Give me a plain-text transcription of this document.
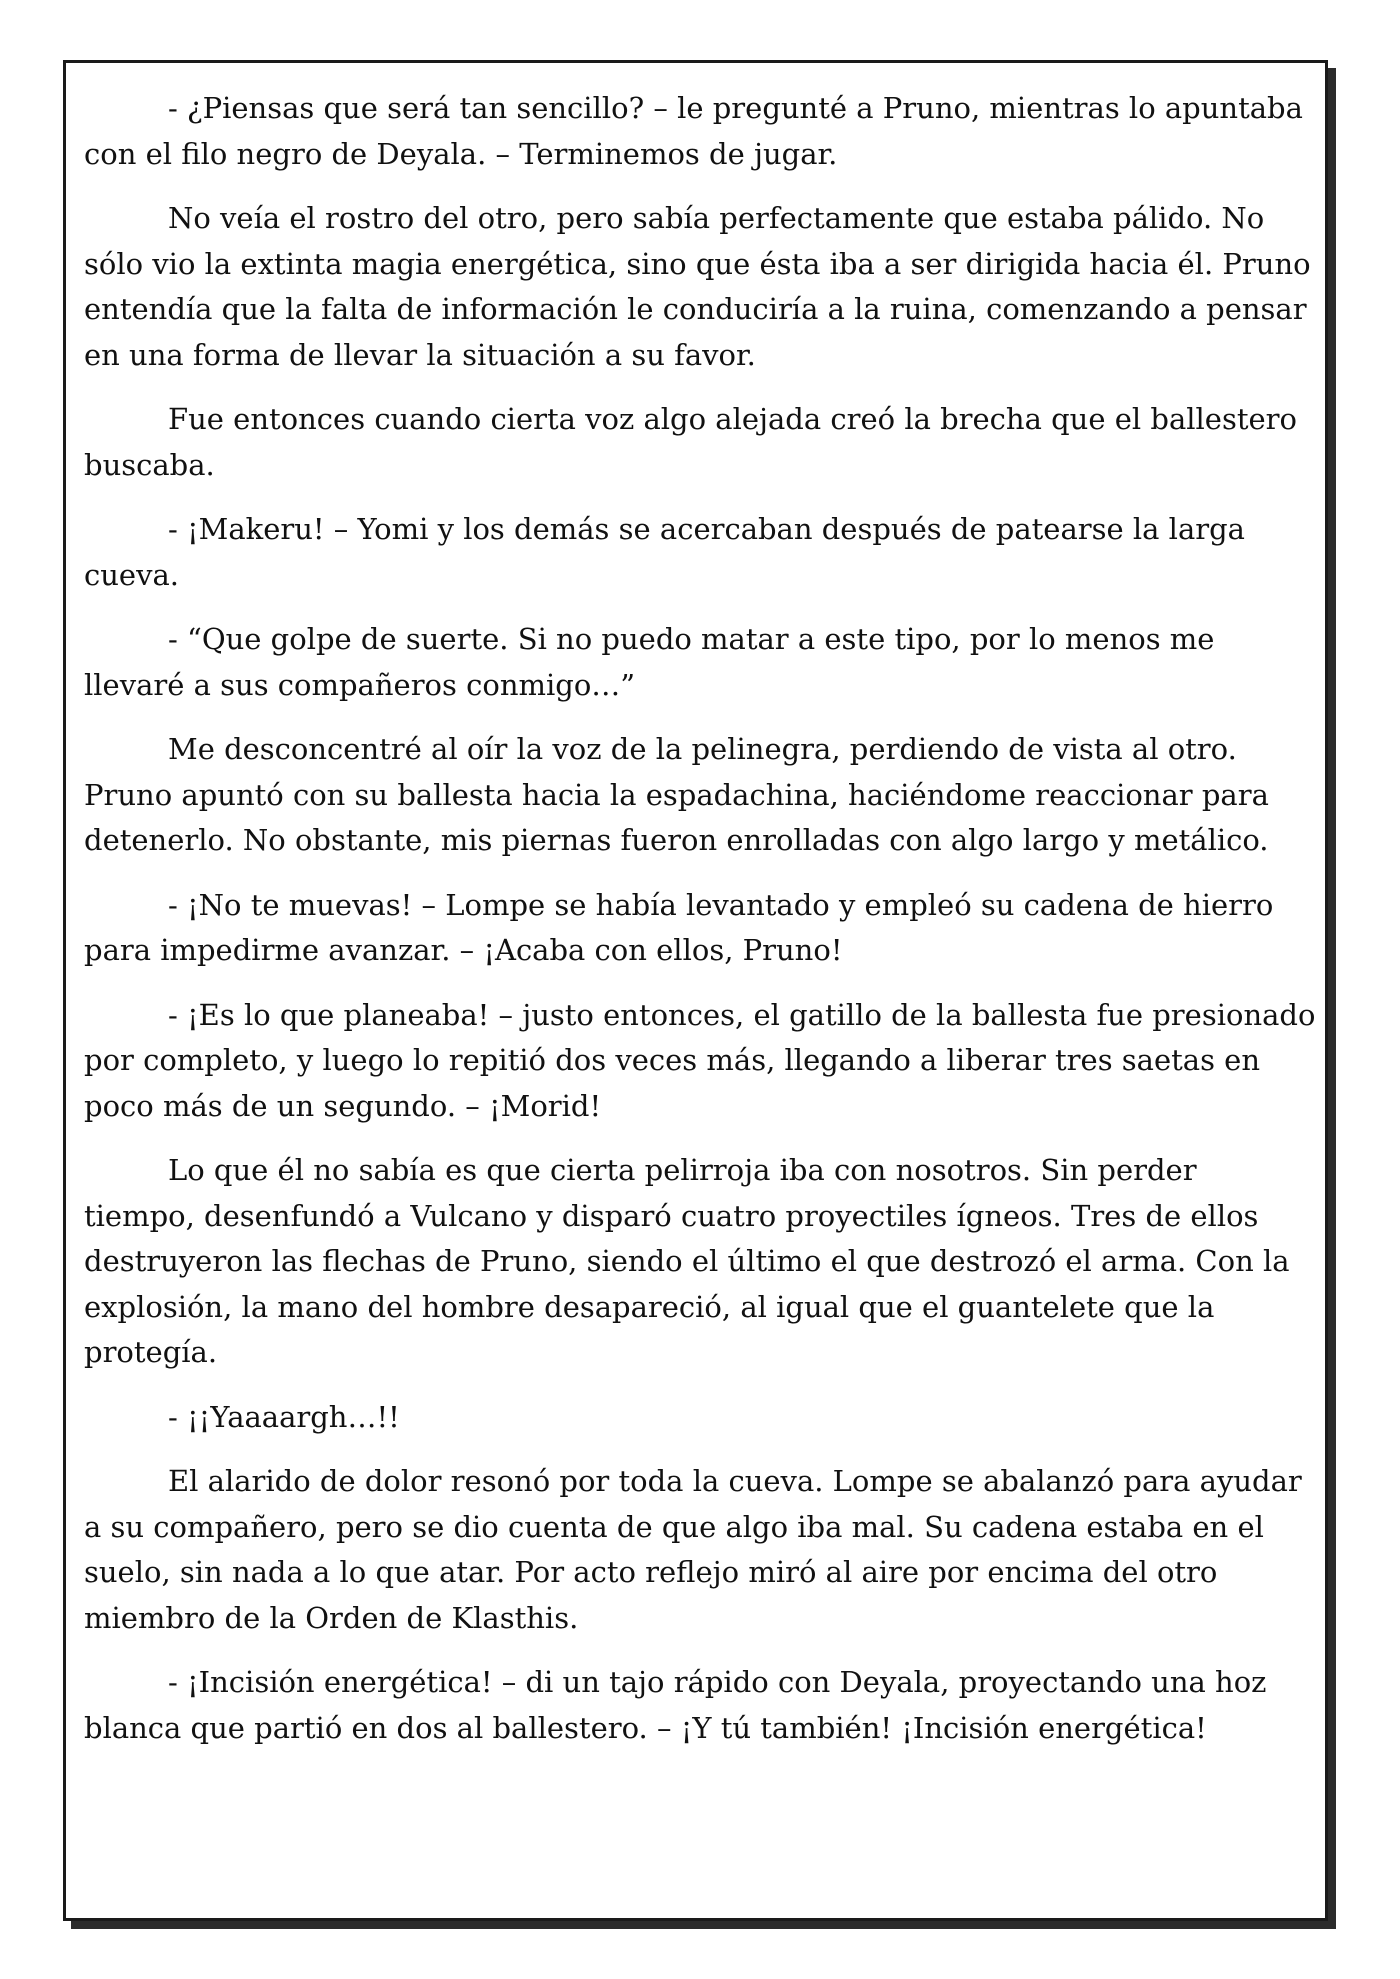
- ¿Piensas que será tan sencillo? – le pregunté a Pruno, mientras lo apuntaba con el filo negro de Deyala. – Terminemos de jugar.

No veía el rostro del otro, pero sabía perfectamente que estaba pálido. No sólo vio la extinta magia energética, sino que ésta iba a ser dirigida hacia él. Pruno entendía que la falta de información le conduciría a la ruina, comenzando a pensar en una forma de llevar la situación a su favor.

Fue entonces cuando cierta voz algo alejada creó la brecha que el ballestero buscaba.

- ¡Makeru! – Yomi y los demás se acercaban después de patearse la larga cueva.

- “Que golpe de suerte. Si no puedo matar a este tipo, por lo menos me llevaré a sus compañeros conmigo…”

Me desconcentré al oír la voz de la pelinegra, perdiendo de vista al otro. Pruno apuntó con su ballesta hacia la espadachina, haciéndome reaccionar para detenerlo. No obstante, mis piernas fueron enrolladas con algo largo y metálico.

- ¡No te muevas! – Lompe se había levantado y empleó su cadena de hierro para impedirme avanzar. – ¡Acaba con ellos, Pruno!

- ¡Es lo que planeaba! – justo entonces, el gatillo de la ballesta fue presionado por completo, y luego lo repitió dos veces más, llegando a liberar tres saetas en poco más de un segundo. – ¡Morid!

Lo que él no sabía es que cierta pelirroja iba con nosotros. Sin perder tiempo, desenfundó a Vulcano y disparó cuatro proyectiles ígneos. Tres de ellos destruyeron las flechas de Pruno, siendo el último el que destrozó el arma. Con la explosión, la mano del hombre desapareció, al igual que el guantelete que la protegía.

- ¡¡Yaaaargh…!!

El alarido de dolor resonó por toda la cueva. Lompe se abalanzó para ayudar a su compañero, pero se dio cuenta de que algo iba mal. Su cadena estaba en el suelo, sin nada a lo que atar. Por acto reflejo miró al aire por encima del otro miembro de la Orden de Klasthis.

- ¡Incisión energética! – di un tajo rápido con Deyala, proyectando una hoz blanca que partió en dos al ballestero. – ¡Y tú también! ¡Incisión energética!
